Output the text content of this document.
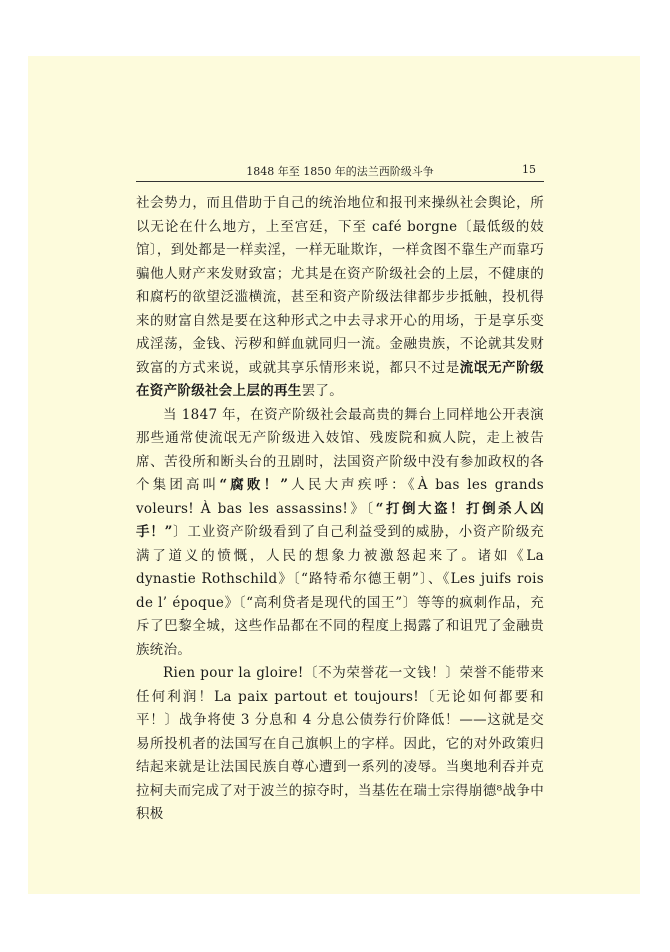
1848 年至 1850 年的法兰西阶级斗争	15

社会势力，而且借助于自己的统治地位和报刊来操纵社会舆论，所以无论在什么地方，上至宫廷，下至 café borgne〔最低级的妓馆〕，到处都是一样卖淫，一样无耻欺诈，一样贪图不靠生产而靠巧骗他人财产来发财致富；尤其是在资产阶级社会的上层，不健康的和腐朽的欲望泛滥横流，甚至和资产阶级法律都步步抵触，投机得来的财富自然是要在这种形式之中去寻求开心的用场，于是享乐变成淫荡，金钱、污秽和鲜血就同归一流。金融贵族，不论就其发财致富的方式来说，或就其享乐情形来说，都只不过是流氓无产阶级在资产阶级社会上层的再生罢了。

当 1847 年，在资产阶级社会最高贵的舞台上同样地公开表演那些通常使流氓无产阶级进入妓馆、残废院和疯人院，走上被告席、苦役所和断头台的丑剧时，法国资产阶级中没有参加政权的各个集团高叫“腐败！”人民大声疾呼：《À bas les grands voleurs! À bas les assassins!》〔“打倒大盗！打倒杀人凶手！”〕工业资产阶级看到了自己利益受到的威胁，小资产阶级充满了道义的愤慨，人民的想象力被激怒起来了。诸如《La dynastie Rothschild》〔“路特希尔德王朝”〕、《Les juifs rois de l’ époque》〔“高利贷者是现代的国王”〕等等的疯刺作品，充斥了巴黎全城，这些作品都在不同的程度上揭露了和诅咒了金融贵族统治。

Rien pour la gloire!〔不为荣誉花一文钱！〕荣誉不能带来任何利润！La paix partout et toujours!〔无论如何都要和平！〕战争将使 3 分息和 4 分息公债券行价降低！——这就是交易所投机者的法国写在自己旗帜上的字样。因此，它的对外政策归结起来就是让法国民族自尊心遭到一系列的凌辱。当奥地利吞并克拉柯夫而完成了对于波兰的掠夺时，当基佐在瑞士宗得崩德⁸战争中积极
